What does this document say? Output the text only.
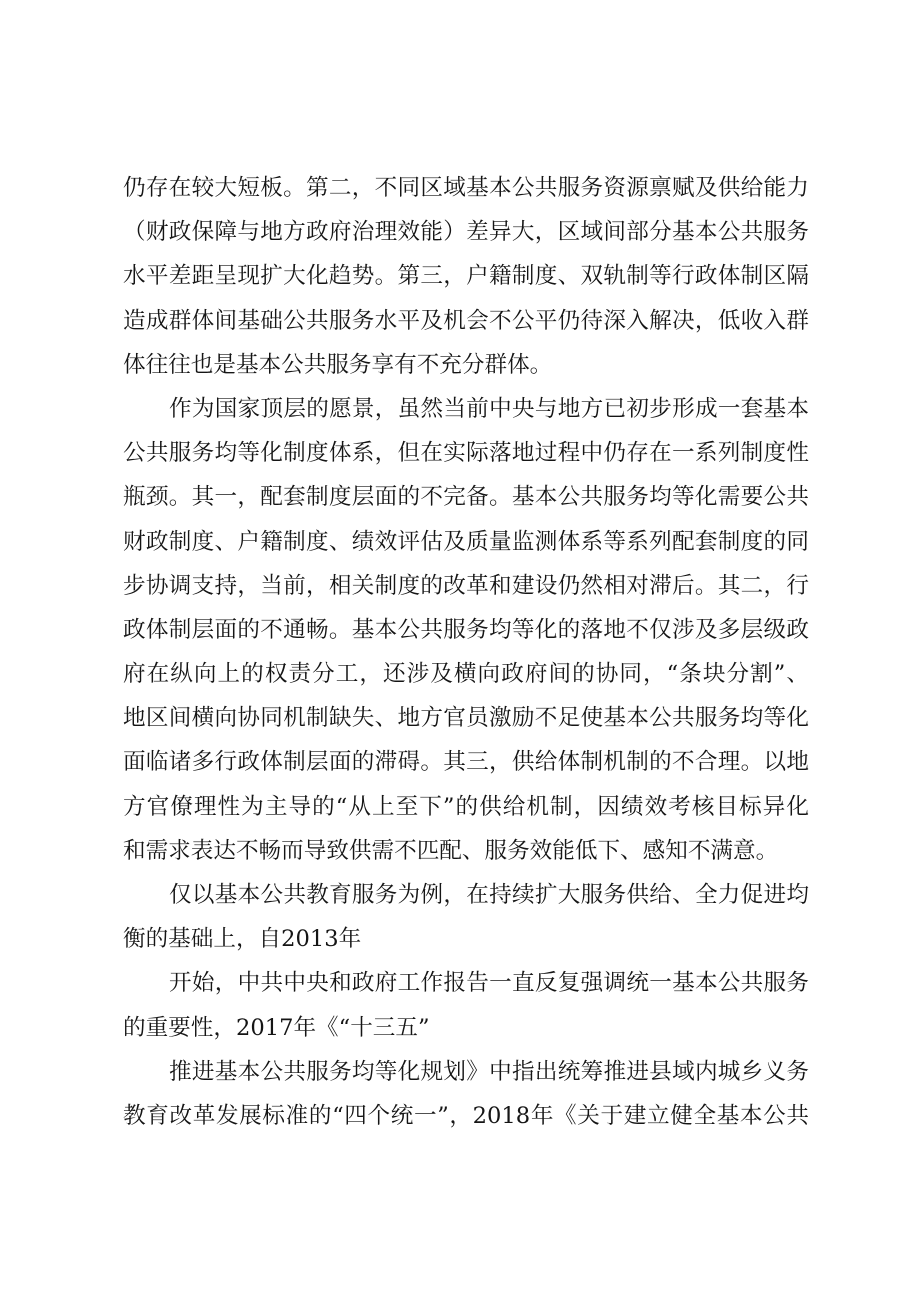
仍存在较大短板。第二，不同区域基本公共服务资源禀赋及供给能力
（财政保障与地方政府治理效能）差异大，区域间部分基本公共服务
水平差距呈现扩大化趋势。第三，户籍制度、双轨制等行政体制区隔
造成群体间基础公共服务水平及机会不公平仍待深入解决，低收入群
体往往也是基本公共服务享有不充分群体。
作为国家顶层的愿景，虽然当前中央与地方已初步形成一套基本
公共服务均等化制度体系，但在实际落地过程中仍存在一系列制度性
瓶颈。其一，配套制度层面的不完备。基本公共服务均等化需要公共
财政制度、户籍制度、绩效评估及质量监测体系等系列配套制度的同
步协调支持，当前，相关制度的改革和建设仍然相对滞后。其二，行
政体制层面的不通畅。基本公共服务均等化的落地不仅涉及多层级政
府在纵向上的权责分工，还涉及横向政府间的协同，“条块分割”、
地区间横向协同机制缺失、地方官员激励不足使基本公共服务均等化
面临诸多行政体制层面的滞碍。其三，供给体制机制的不合理。以地
方官僚理性为主导的“从上至下”的供给机制，因绩效考核目标异化
和需求表达不畅而导致供需不匹配、服务效能低下、感知不满意。
仅以基本公共教育服务为例，在持续扩大服务供给、全力促进均
衡的基础上，自2013年
开始，中共中央和政府工作报告一直反复强调统一基本公共服务
的重要性，2017年《“十三五”
推进基本公共服务均等化规划》中指出统筹推进县域内城乡义务
教育改革发展标准的“四个统一”，2018年《关于建立健全基本公共
